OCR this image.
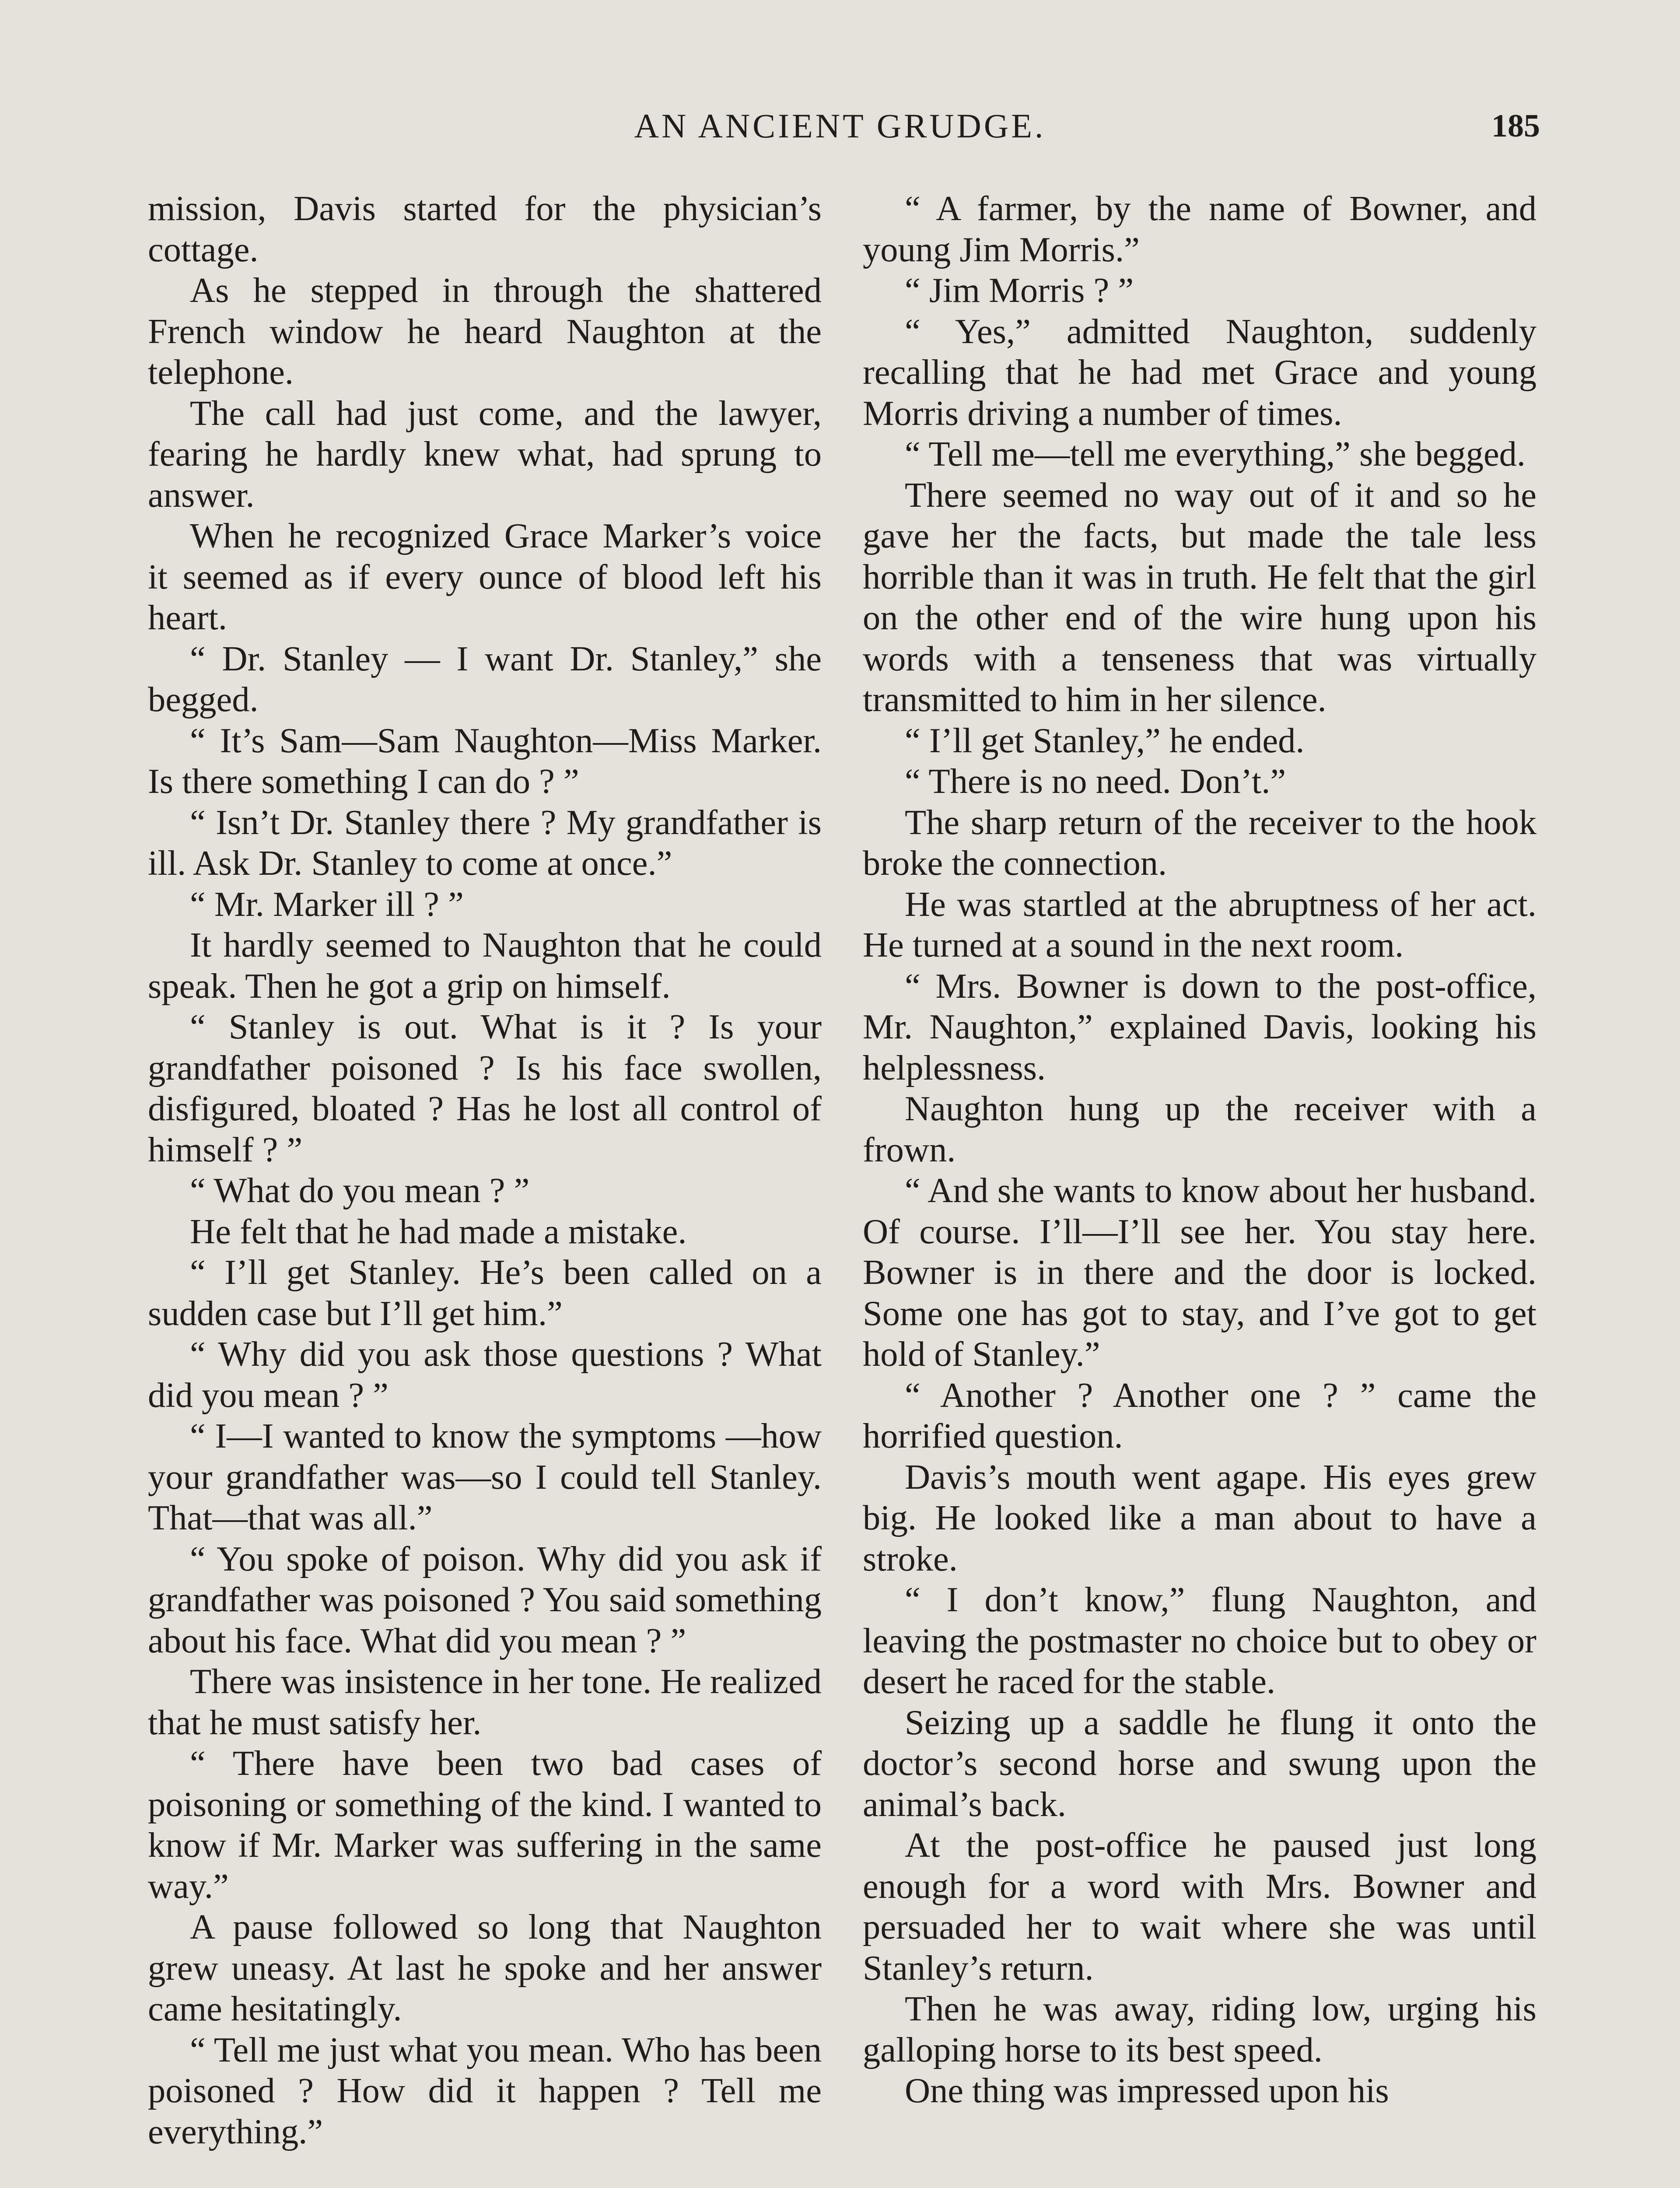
AN ANCIENT GRUDGE.	185

mission, Davis started for the physician’s cottage.

As he stepped in through the shattered French window he heard Naughton at the telephone.

The call had just come, and the lawyer, fearing he hardly knew what, had sprung to answer.

When he recognized Grace Marker’s voice it seemed as if every ounce of blood left his heart.

“ Dr. Stanley — I want Dr. Stanley,” she begged.

“ It’s Sam—Sam Naughton—Miss Marker. Is there something I can do ? ”

“ Isn’t Dr. Stanley there ? My grandfather is ill. Ask Dr. Stanley to come at once.”

“ Mr. Marker ill ? ”

It hardly seemed to Naughton that he could speak. Then he got a grip on himself.

“ Stanley is out. What is it ? Is your grandfather poisoned ? Is his face swollen, disfigured, bloated ? Has he lost all control of himself ? ”

“ What do you mean ? ”

He felt that he had made a mistake.

“ I’ll get Stanley. He’s been called on a sudden case but I’ll get him.”

“ Why did you ask those questions ? What did you mean ? ”

“ I—I wanted to know the symptoms —how your grandfather was—so I could tell Stanley. That—that was all.”

“ You spoke of poison. Why did you ask if grandfather was poisoned ? You said something about his face. What did you mean ? ”

There was insistence in her tone. He realized that he must satisfy her.

“ There have been two bad cases of poisoning or something of the kind. I wanted to know if Mr. Marker was suffering in the same way.”

A pause followed so long that Naughton grew uneasy. At last he spoke and her answer came hesitatingly.

“ Tell me just what you mean. Who has been poisoned ? How did it happen ? Tell me everything.”

“ A farmer, by the name of Bowner, and young Jim Morris.”

“ Jim Morris ? ”

“ Yes,” admitted Naughton, suddenly recalling that he had met Grace and young Morris driving a number of times.

“ Tell me—tell me everything,” she begged.

There seemed no way out of it and so he gave her the facts, but made the tale less horrible than it was in truth. He felt that the girl on the other end of the wire hung upon his words with a tenseness that was virtually transmitted to him in her silence.

“ I’ll get Stanley,” he ended.

“ There is no need. Don’t.”

The sharp return of the receiver to the hook broke the connection.

He was startled at the abruptness of her act. He turned at a sound in the next room.

“ Mrs. Bowner is down to the post-office, Mr. Naughton,” explained Davis, looking his helplessness.

Naughton hung up the receiver with a frown.

“ And she wants to know about her husband. Of course. I’ll—I’ll see her. You stay here. Bowner is in there and the door is locked. Some one has got to stay, and I’ve got to get hold of Stanley.”

“ Another ? Another one ? ” came the horrified question.

Davis’s mouth went agape. His eyes grew big. He looked like a man about to have a stroke.

“ I don’t know,” flung Naughton, and leaving the postmaster no choice but to obey or desert he raced for the stable.

Seizing up a saddle he flung it onto the doctor’s second horse and swung upon the animal’s back.

At the post-office he paused just long enough for a word with Mrs. Bowner and persuaded her to wait where she was until Stanley’s return.

Then he was away, riding low, urging his galloping horse to its best speed.

One thing was impressed upon his
